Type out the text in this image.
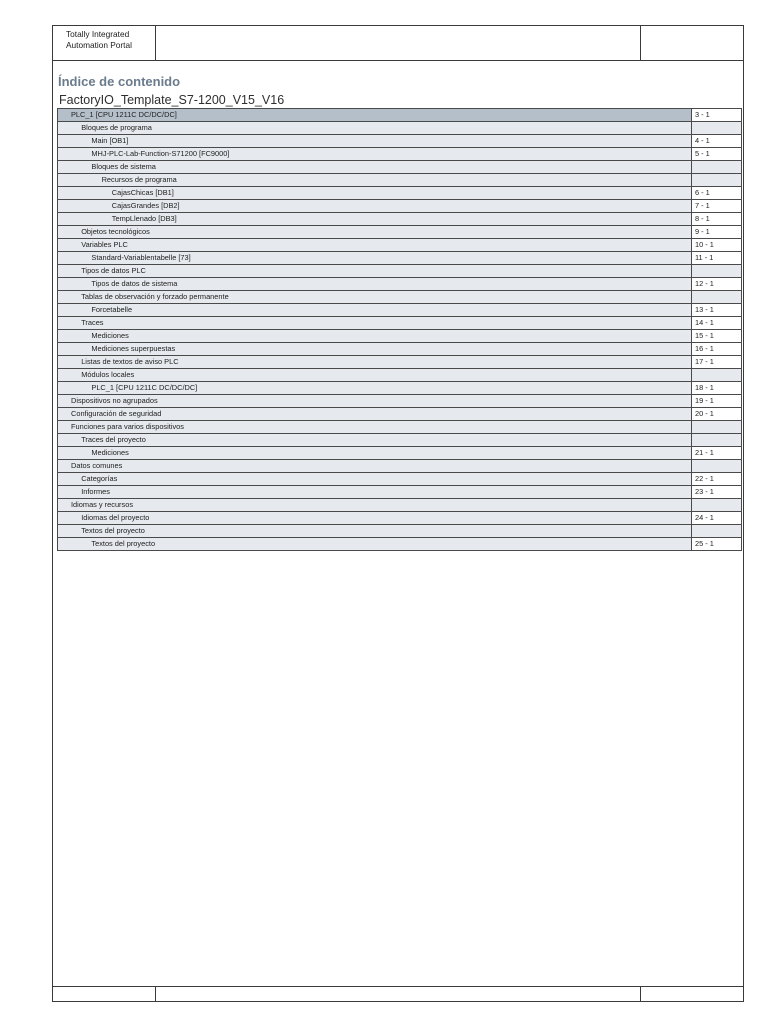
Totally Integrated
Automation Portal
Índice de contenido
FactoryIO_Template_S7-1200_V15_V16
PLC_1 [CPU 1211C DC/DC/DC]	3 - 1
Bloques de programa
Main [OB1]	4 - 1
MHJ-PLC-Lab-Function-S71200 [FC9000]	5 - 1
Bloques de sistema
Recursos de programa
CajasChicas [DB1]	6 - 1
CajasGrandes [DB2]	7 - 1
TempLlenado [DB3]	8 - 1
Objetos tecnológicos	9 - 1
Variables PLC	10 - 1
Standard-Variablentabelle [73]	11 - 1
Tipos de datos PLC
Tipos de datos de sistema	12 - 1
Tablas de observación y forzado permanente
Forcetabelle	13 - 1
Traces	14 - 1
Mediciones	15 - 1
Mediciones superpuestas	16 - 1
Listas de textos de aviso PLC	17 - 1
Módulos locales
PLC_1 [CPU 1211C DC/DC/DC]	18 - 1
Dispositivos no agrupados	19 - 1
Configuración de seguridad	20 - 1
Funciones para varios dispositivos
Traces del proyecto
Mediciones	21 - 1
Datos comunes
Categorías	22 - 1
Informes	23 - 1
Idiomas y recursos
Idiomas del proyecto	24 - 1
Textos del proyecto
Textos del proyecto	25 - 1
